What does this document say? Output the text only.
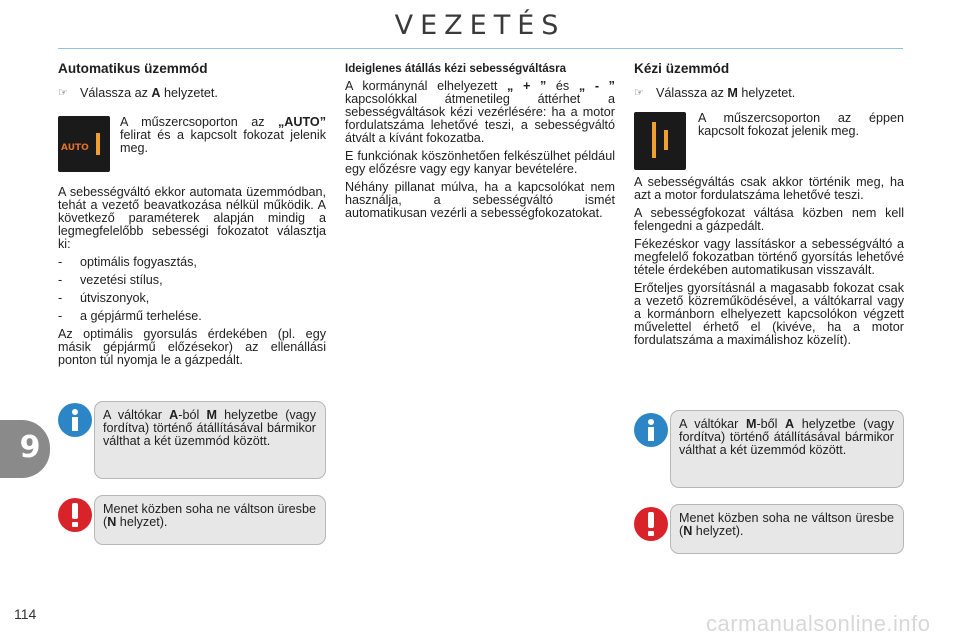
VEZETÉS

Automatikus üzemmód

☞ Válassza az A helyzetet.
AUTO

A műszercsoporton az „AUTO” felirat és a kapcsolt fokozat jelenik meg.

A sebességváltó ekkor automata üzemmódban, tehát a vezető beavatkozása nélkül működik. A következő paraméterek alapján mindig a legmegfelelőbb sebességi fokozatot választja ki:

- optimális fogyasztás,
- vezetési stílus,
- útviszonyok,
- a gépjármű terhelése.

Az optimális gyorsulás érdekében (pl. egy másik gépjármű előzésekor) az ellenállási ponton túl nyomja le a gázpedált.

A váltókar A-ból M helyzetbe (vagy fordítva) történő átállításával bármikor válthat a két üzemmód között.
Menet közben soha ne váltson üresbe (N helyzet).

Ideiglenes átállás kézi sebességváltásra

A kormánynál elhelyezett „ + ” és „ - ” kapcsolókkal átmenetileg áttérhet a sebességváltások kézi vezérlésére: ha a motor fordulatszáma lehetővé teszi, a sebességváltó átvált a kívánt fokozatba.

E funkciónak köszönhetően felkészülhet például egy előzésre vagy egy kanyar bevételére.

Néhány pillanat múlva, ha a kapcsolókat nem használja, a sebességváltó ismét automatikusan vezérli a sebességfokozatokat.

Kézi üzemmód

☞ Válassza az M helyzetet.

A műszercsoporton az éppen kapcsolt fokozat jelenik meg.

A sebességváltás csak akkor történik meg, ha azt a motor fordulatszáma lehetővé teszi.

A sebességfokozat váltása közben nem kell felengedni a gázpedált.

Fékezéskor vagy lassításkor a sebességváltó a megfelelő fokozatban történő gyorsítás lehetővé tétele érdekében automatikusan visszavált.

Erőteljes gyorsításnál a magasabb fokozat csak a vezető közreműködésével, a váltókarral vagy a kormánborn elhelyezett kapcsolókon végzett művelettel érhető el (kivéve, ha a motor fordulatszáma a maximálishoz közelít).

A váltókar M-ből A helyzetbe (vagy fordítva) történő átállításával bármikor válthat a két üzemmód között.
Menet közben soha ne váltson üresbe (N helyzet).
9
114	carmanualsonline.info
